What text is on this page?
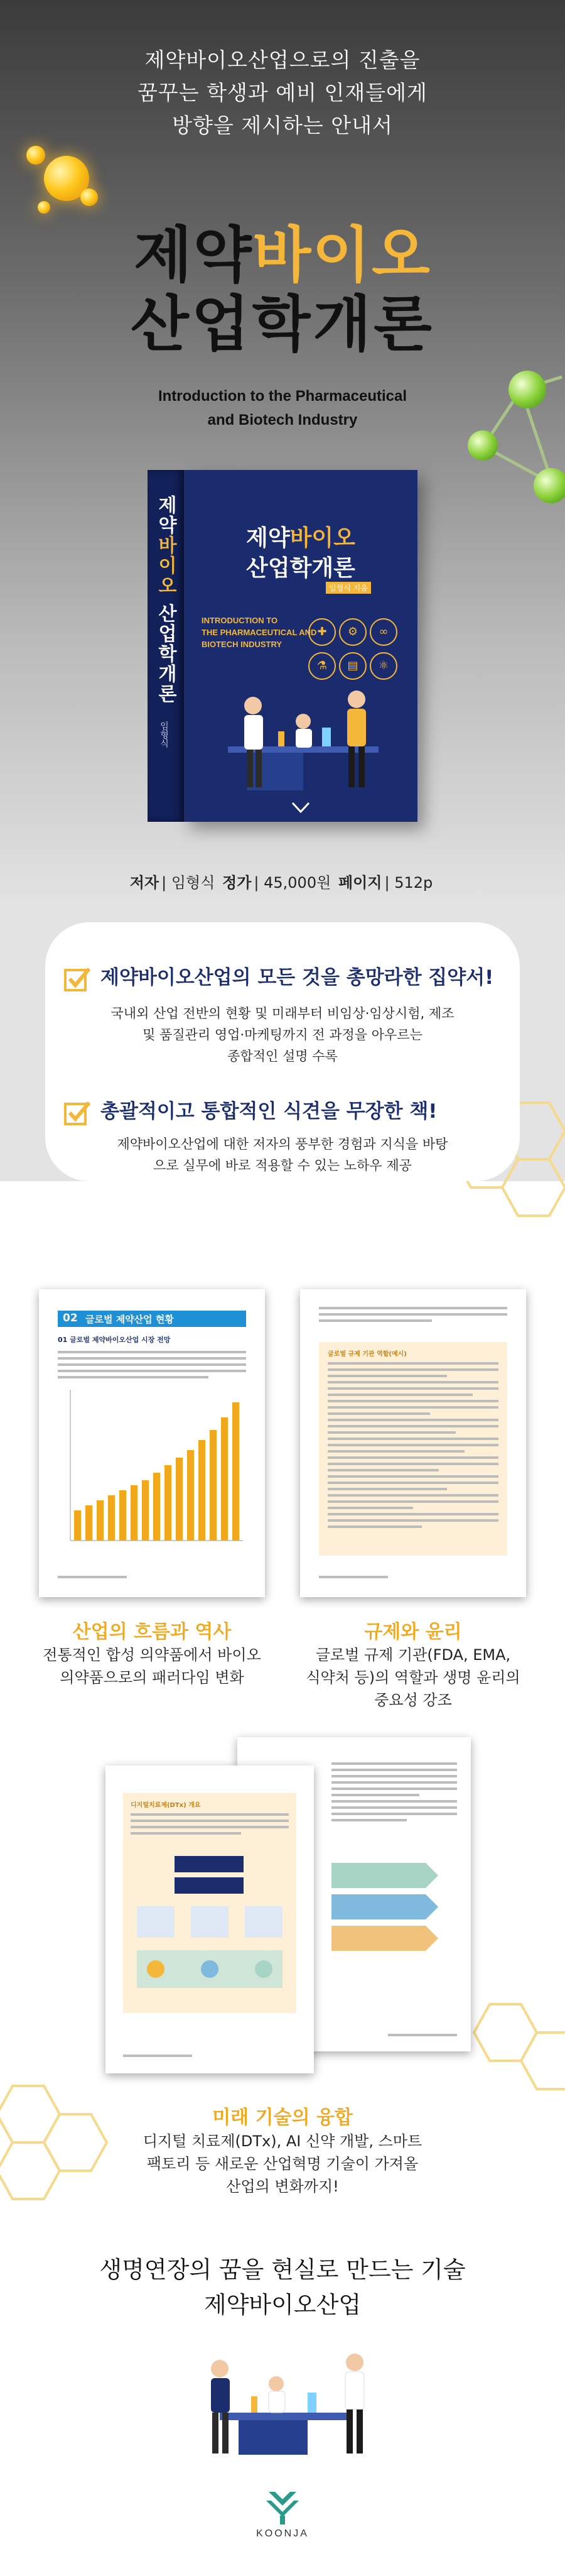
제약바이오산업으로의 진출을
꿈꾸는 학생과 예비 인재들에게
방향을 제시하는 안내서
제약바이오
산업학개론
Introduction to the Pharmaceutical
and Biotech Industry
제약바이오 산업학개론
임형식
제약바이오
산업학개론
임형식 지음
INTRODUCTION TO
THE PHARMACEUTICAL AND
BIOTECH INDUSTRY
✚ ⚙ ∞ ⚗ ▤ ⚛
저자 | 임형식 정가 | 45,000원 페이지 | 512p
제약바이오산업의 모든 것을 총망라한 집약서!
국내외 산업 전반의 현황 및 미래부터 비임상·임상시험, 제조
및 품질관리 영업·마케팅까지 전 과정을 아우르는
종합적인 설명 수록
총괄적이고 통합적인 식견을 무장한 책!
제약바이오산업에 대한 저자의 풍부한 경험과 지식을 바탕
으로 실무에 바로 적용할 수 있는 노하우 제공
02 글로벌 제약산업 현황
01 글로벌 제약바이오산업 시장 전망
글로벌 규제 기관 역할(예시)
산업의 흐름과 역사
전통적인 합성 의약품에서 바이오
의약품으로의 패러다임 변화
규제와 윤리
글로벌 규제 기관(FDA, EMA,
식약처 등)의 역할과 생명 윤리의
중요성 강조
디지털치료제(DTx) 개요
미래 기술의 융합
디지털 치료제(DTx), AI 신약 개발, 스마트
팩토리 등 새로운 산업혁명 기술이 가져올
산업의 변화까지!
생명연장의 꿈을 현실로 만드는 기술
제약바이오산업
KOONJA
